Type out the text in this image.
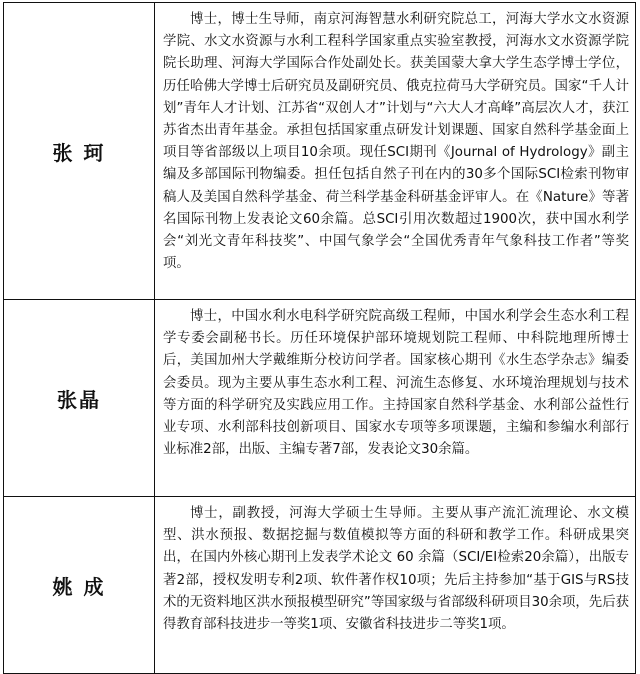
张 珂	博士，博士生导师，南京河海智慧水利研究院总工，河海大学水文水资源学院、水文水资源与水利工程科学国家重点实验室教授，河海水文水资源学院院长助理、河海大学国际合作处副处长。获美国蒙大拿大学生态学博士学位，历任哈佛大学博士后研究员及副研究员、俄克拉荷马大学研究员。国家“千人计划”青年人才计划、江苏省“双创人才”计划与“六大人才高峰”高层次人才，获江苏省杰出青年基金。承担包括国家重点研发计划课题、国家自然科学基金面上项目等省部级以上项目10余项。现任SCI期刊《Journal of Hydrology》副主编及多部国际刊物编委。担任包括自然子刊在内的30多个国际SCI检索刊物审稿人及美国自然科学基金、荷兰科学基金科研基金评审人。在《Nature》等著名国际刊物上发表论文60余篇。总SCI引用次数超过1900次，获中国水利学会“刘光文青年科技奖”、中国气象学会“全国优秀青年气象科技工作者”等奖项。
张晶	博士，中国水利水电科学研究院高级工程师，中国水利学会生态水利工程学专委会副秘书长。历任环境保护部环境规划院工程师、中科院地理所博士后，美国加州大学戴维斯分校访问学者。国家核心期刊《水生态学杂志》编委会委员。现为主要从事生态水利工程、河流生态修复、水环境治理规划与技术等方面的科学研究及实践应用工作。主持国家自然科学基金、水利部公益性行业专项、水利部科技创新项目、国家水专项等多项课题，主编和参编水利部行业标准2部，出版、主编专著7部，发表论文30余篇。
姚 成	博士，副教授，河海大学硕士生导师。主要从事产流汇流理论、水文模型、洪水预报、数据挖掘与数值模拟等方面的科研和教学工作。科研成果突出，在国内外核心期刊上发表学术论文 60 余篇（SCI/EI检索20余篇），出版专著2部，授权发明专利2项、软件著作权10项；先后主持参加“基于GIS与RS技术的无资料地区洪水预报模型研究”等国家级与省部级科研项目30余项，先后获得教育部科技进步一等奖1项、安徽省科技进步二等奖1项。
